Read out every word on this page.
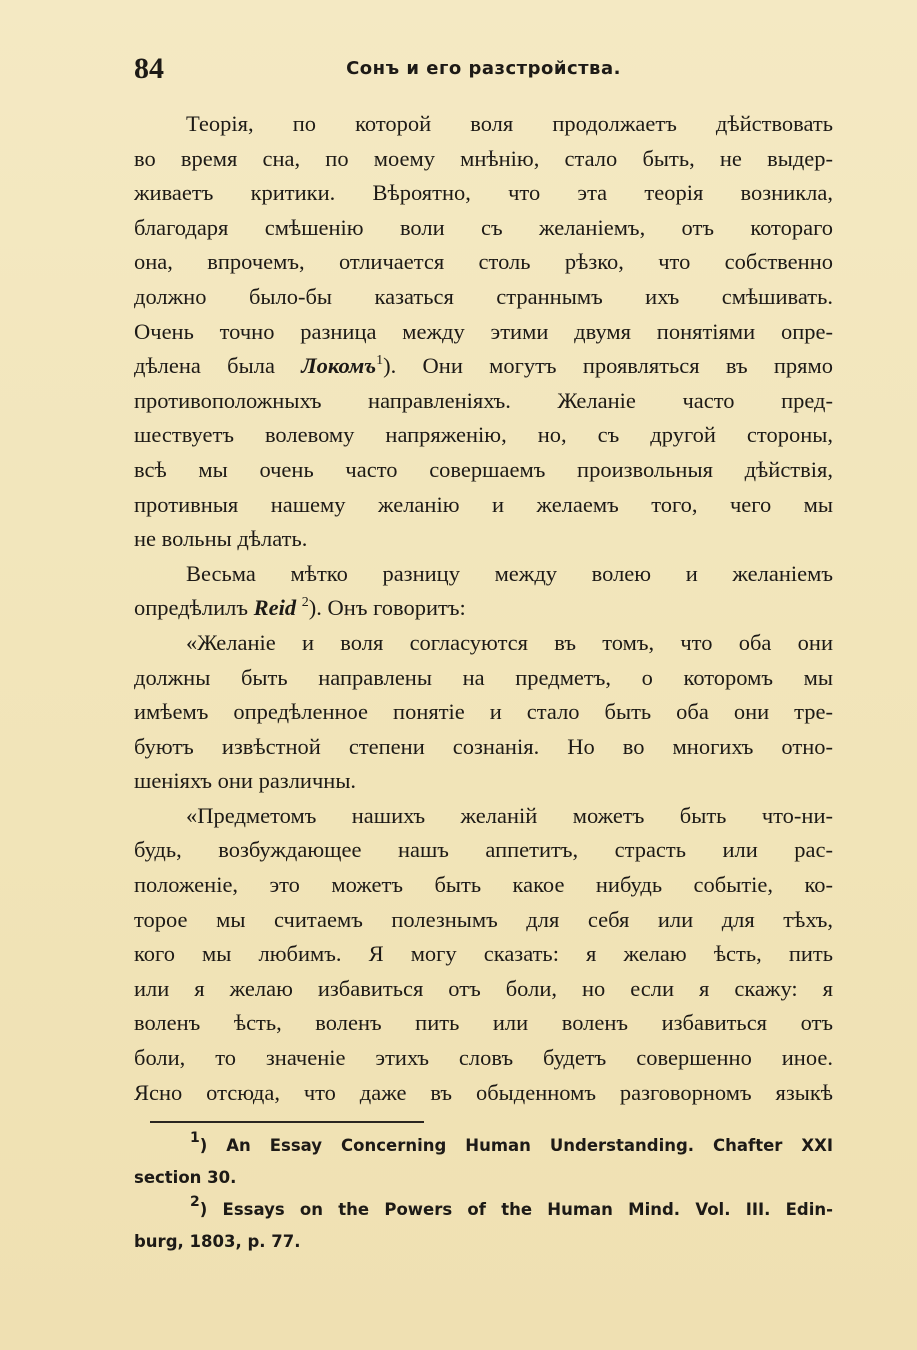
84	Сонъ и его разстройства.
Теорія, по которой воля продолжаетъ дѣйствовать
во время сна, по моему мнѣнію, стало быть, не выдер-
живаетъ критики. Вѣроятно, что эта теорія возникла,
благодаря смѣшенію воли съ желаніемъ, отъ котораго
она, впрочемъ, отличается столь рѣзко, что собственно
должно было-бы казаться страннымъ ихъ смѣшивать.
Очень точно разница между этими двумя понятіями опре-
дѣлена была Локомъ$^1$). Они могутъ проявляться въ прямо
противоположныхъ направленіяхъ. Желаніе часто пред-
шествуетъ волевому напряженію, но, съ другой стороны,
всѣ мы очень часто совершаемъ произвольныя дѣйствія,
противныя нашему желанію и желаемъ того, чего мы
не вольны дѣлать.
Весьма мѣтко разницу между волею и желаніемъ
опредѣлилъ Reid $^2$). Онъ говоритъ:
«Желаніе и воля согласуются въ томъ, что оба они
должны быть направлены на предметъ, о которомъ мы
имѣемъ опредѣленное понятіе и стало быть оба они тре-
буютъ извѣстной степени сознанія. Но во многихъ отно-
шеніяхъ они различны.
«Предметомъ нашихъ желаній можетъ быть что-ни-
будь, возбуждающее нашъ аппетитъ, страсть или рас-
положеніе, это можетъ быть какое нибудь событіе, ко-
торое мы считаемъ полезнымъ для себя или для тѣхъ,
кого мы любимъ. Я могу сказать: я желаю ѣсть, пить
или я желаю избавиться отъ боли, но если я скажу: я
воленъ ѣсть, воленъ пить или воленъ избавиться отъ
боли, то значеніе этихъ словъ будетъ совершенно иное.
Ясно отсюда, что даже въ обыденномъ разговорномъ языкѣ
$^1$) An Essay Concerning Human Understanding. Chafter XXI
section 30.
$^2$) Essays on the Powers of the Human Mind. Vol. III. Edin-
burg, 1803, p. 77.
